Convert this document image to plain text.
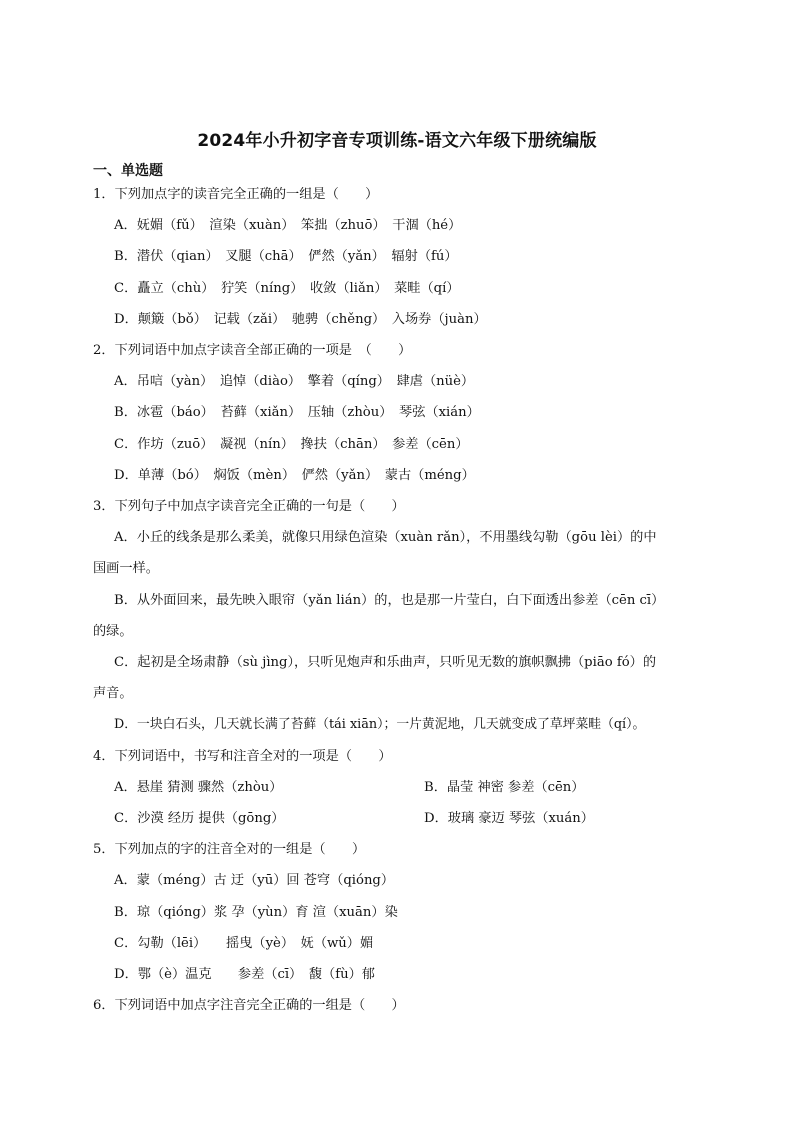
2024年小升初字音专项训练-语文六年级下册统编版
一、单选题
1．下列加点字的读音完全正确的一组是（　　）
A．妩媚（fǔ）　渲染（xuàn）　笨拙（zhuō）　干涸（hé）
B．潜伏（qian）　叉腿（chā）　俨然（yǎn）　辐射（fú）
C．矗立（chù）　狞笑（níng）　收敛（liǎn）　菜畦（qí）
D．颠簸（bǒ）　记载（zǎi）　驰骋（chěng）　入场券（juàn）
2．下列词语中加点字读音全部正确的一项是　（　　）
A．吊唁（yàn）　追悼（diào）　擎着（qíng）　肆虐（nüè）
B．冰雹（báo）　苔藓（xiǎn）　压轴（zhòu）　琴弦（xián）
C．作坊（zuō）　凝视（nín）　搀扶（chān）　参差（cēn）
D．单薄（bó）　焖饭（mèn）　俨然（yǎn）　蒙古（méng）
3．下列句子中加点字读音完全正确的一句是（　　）
A．小丘的线条是那么柔美，就像只用绿色渲染（xuàn rǎn），不用墨线勾勒（gōu lèi）的中
国画一样。
B．从外面回来，最先映入眼帘（yǎn lián）的，也是那一片莹白，白下面透出参差（cēn cī）
的绿。
C．起初是全场肃静（sù jìng），只听见炮声和乐曲声，只听见无数的旗帜飘拂（piāo fó）的
声音。
D．一块白石头，几天就长满了苔藓（tái xiān）；一片黄泥地，几天就变成了草坪菜畦（qí）。
4．下列词语中，书写和注音全对的一项是（　　）
A．悬崖 猜测 骤然（zhòu）	B．晶莹 神密 参差（cēn）
C．沙漠 经历 提供（gōng）	D．玻璃 豪迈 琴弦（xuán）
5．下列加点的字的注音全对的一组是（　　）
A．蒙（méng）古 迂（yū）回 苍穹（qióng）
B．琼（qióng）浆 孕（yùn）育 渲（xuān）染
C．勾勒（lēi）　　摇曳（yè）　妩（wǔ）媚
D．鄂（è）温克　　参差（cī）　馥（fù）郁
6．下列词语中加点字注音完全正确的一组是（　　）
